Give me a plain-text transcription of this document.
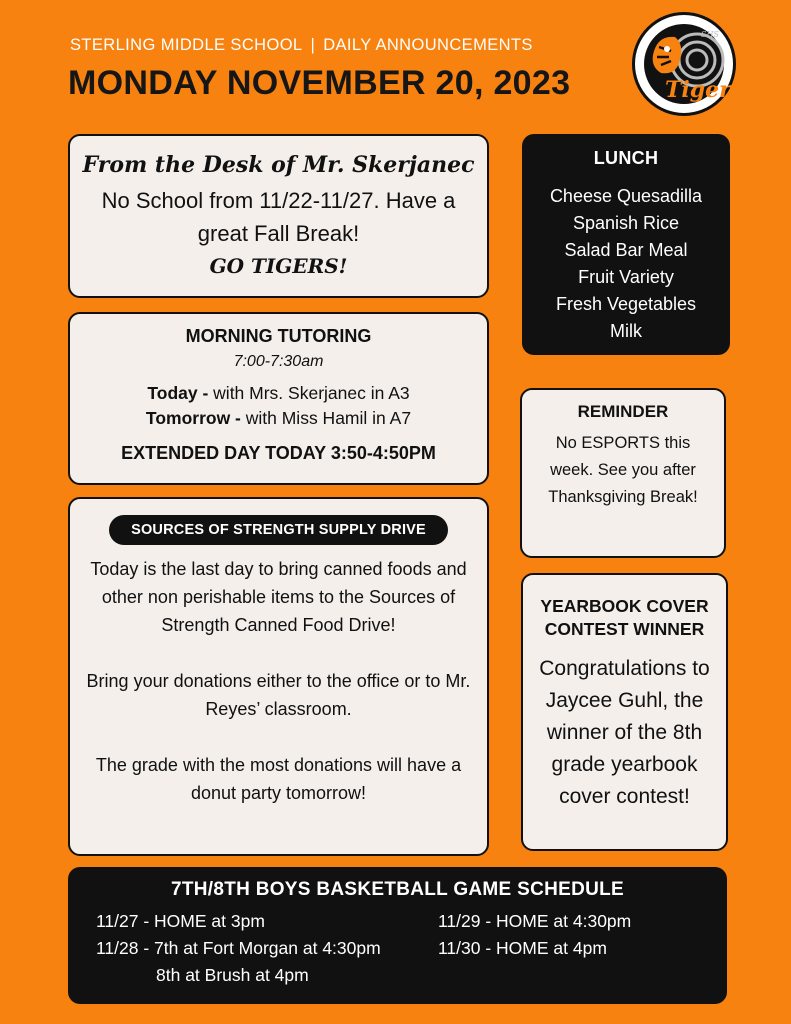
STERLING MIDDLE SCHOOL | DAILY ANNOUNCEMENTS
MONDAY NOVEMBER 20, 2023
SHS
Tigers
From the Desk of Mr. Skerjanec
No School from 11/22-11/27. Have a great Fall Break!
GO TIGERS!
LUNCH
Cheese Quesadilla
Spanish Rice
Salad Bar Meal
Fruit Variety
Fresh Vegetables
Milk
MORNING TUTORING
7:00-7:30am
Today - with Mrs. Skerjanec in A3
Tomorrow - with Miss Hamil in A7
EXTENDED DAY TODAY 3:50-4:50PM
REMINDER
No ESPORTS this week. See you after Thanksgiving Break!
SOURCES OF STRENGTH SUPPLY DRIVE

Today is the last day to bring canned foods and other non perishable items to the Sources of Strength Canned Food Drive!

Bring your donations either to the office or to Mr. Reyes’ classroom.

The grade with the most donations will have a donut party tomorrow!

YEARBOOK COVER
CONTEST WINNER
Congratulations to Jaycee Guhl, the winner of the 8th grade yearbook cover contest!
7TH/8TH BOYS BASKETBALL GAME SCHEDULE
11/27 - HOME at 3pm
11/28 - 7th at Fort Morgan at 4:30pm
8th at Brush at 4pm
11/29 - HOME at 4:30pm
11/30 - HOME at 4pm
